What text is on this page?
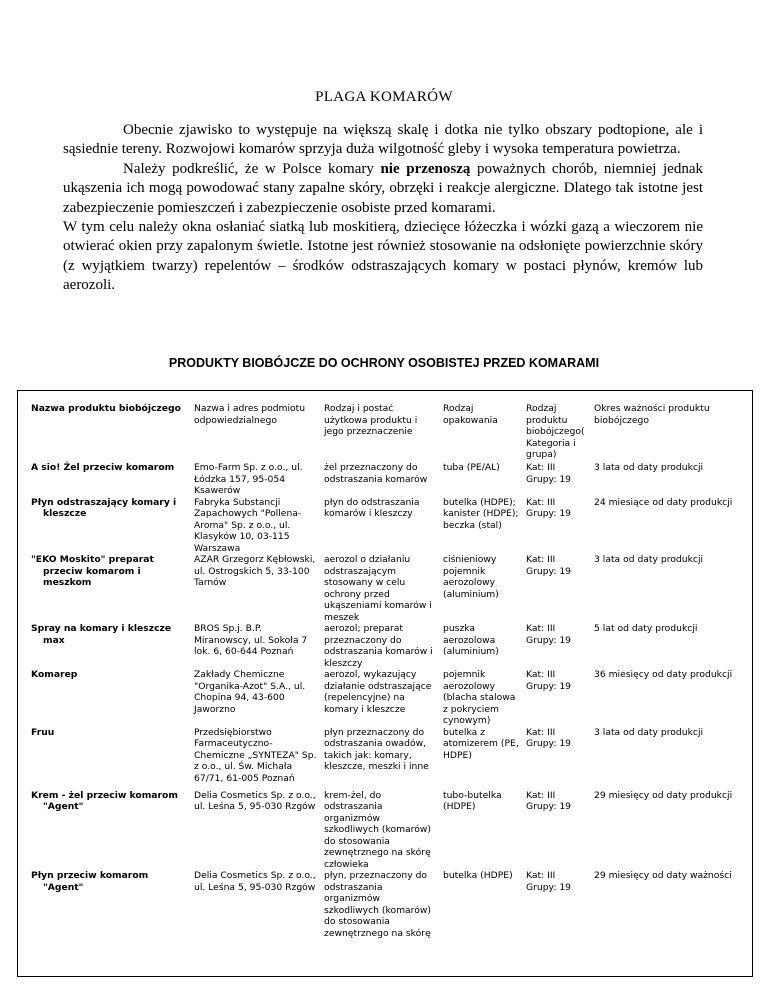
PLAGA KOMARÓW

Obecnie zjawisko to występuje na większą skalę i dotka nie tylko obszary podtopione, ale i sąsiednie tereny. Rozwojowi komarów sprzyja duża wilgotność gleby i wysoka temperatura powietrza.

Należy podkreślić, że w Polsce komary nie przenoszą poważnych chorób, niemniej jednak ukąszenia ich mogą powodować stany zapalne skóry, obrzęki i reakcje alergiczne. Dlatego tak istotne jest zabezpieczenie pomieszczeń i zabezpieczenie osobiste przed komarami.

W tym celu należy okna osłaniać siatką lub moskitierą, dziecięce łóżeczka i wózki gazą a wieczorem nie otwierać okien przy zapalonym świetle. Istotne jest również stosowanie na odsłonięte powierzchnie skóry (z wyjątkiem twarzy) repelentów – środków odstraszających komary w postaci płynów, kremów lub aerozoli.

PRODUKTY BIOBÓJCZE DO OCHRONY OSOBISTEJ PRZED KOMARAMI
Nazwa produktu biobójczego	Nazwa i adres podmiotu odpowiedzialnego	Rodzaj i postać użytkowa produktu i jego przeznaczenie	Rodzaj opakowania	Rodzaj produktu biobójczego( Kategoria i grupa)	Okres ważności produktu biobójczego
A sio! Żel przeciw komarom	Emo-Farm Sp. z o.o., ul. Łódzka 157, 95-054 Ksawerów	żel przeznaczony do odstraszania komarów	tuba (PE/AL)	Kat: III Grupy: 19	3 lata od daty produkcji
Płyn odstraszający komary i kleszcze	Fabryka Substancji Zapachowych "Pollena-Aroma" Sp. z o.o., ul. Klasyków 10, 03-115 Warszawa	płyn do odstraszania komarów i kleszczy	butelka (HDPE); kanister (HDPE); beczka (stal)	Kat: III Grupy: 19	24 miesiące od daty produkcji
"EKO Moskito" preparat przeciw komarom i meszkom	AZAR Grzegorz Kębłowski, ul. Ostrogskich 5, 33-100 Tarnów	aerozol o działaniu odstraszającym stosowany w celu ochrony przed ukąszeniami komarów i meszek	ciśnieniowy pojemnik aerozolowy (aluminium)	Kat: III Grupy: 19	3 lata od daty produkcji
Spray na komary i kleszcze max	BROS Sp.j. B.P. Miranowscy, ul. Sokoła 7 lok. 6, 60-644 Poznań	aerozol; preparat przeznaczony do odstraszania komarów i kleszczy	puszka aerozolowa (aluminium)	Kat: III Grupy: 19	5 lat od daty produkcji
Komarep	Zakłady Chemiczne "Organika-Azot" S.A., ul. Chopina 94, 43-600 Jaworzno	aerozol, wykazujący działanie odstraszające (repelencyjne) na komary i kleszcze	pojemnik aerozolowy (blacha stalowa z pokryciem cynowym)	Kat: III Grupy: 19	36 miesięcy od daty produkcji
Fruu	Przedsiębiorstwo Farmaceutyczno-Chemiczne „SYNTEZA" Sp. z o.o., ul. Św. Michała 67/71, 61-005 Poznań	płyn przeznaczony do odstraszania owadów, takich jak: komary, kleszcze, meszki i inne	butelka z atomizerem (PE, HDPE)	Kat: III Grupy: 19	3 lata od daty produkcji
Krem - żel przeciw komarom "Agent"	Delia Cosmetics Sp. z o.o., ul. Leśna 5, 95-030 Rzgów	krem-żel, do odstraszania organizmów szkodliwych (komarów) do stosowania zewnętrznego na skórę człowieka	tubo-butelka (HDPE)	Kat: III Grupy: 19	29 miesięcy od daty produkcji
Płyn przeciw komarom "Agent"	Delia Cosmetics Sp. z o.o., ul. Leśna 5, 95-030 Rzgów	płyn, przeznaczony do odstraszania organizmów szkodliwych (komarów) do stosowania zewnętrznego na skórę	butelka (HDPE)	Kat: III Grupy: 19	29 miesięcy od daty ważności
